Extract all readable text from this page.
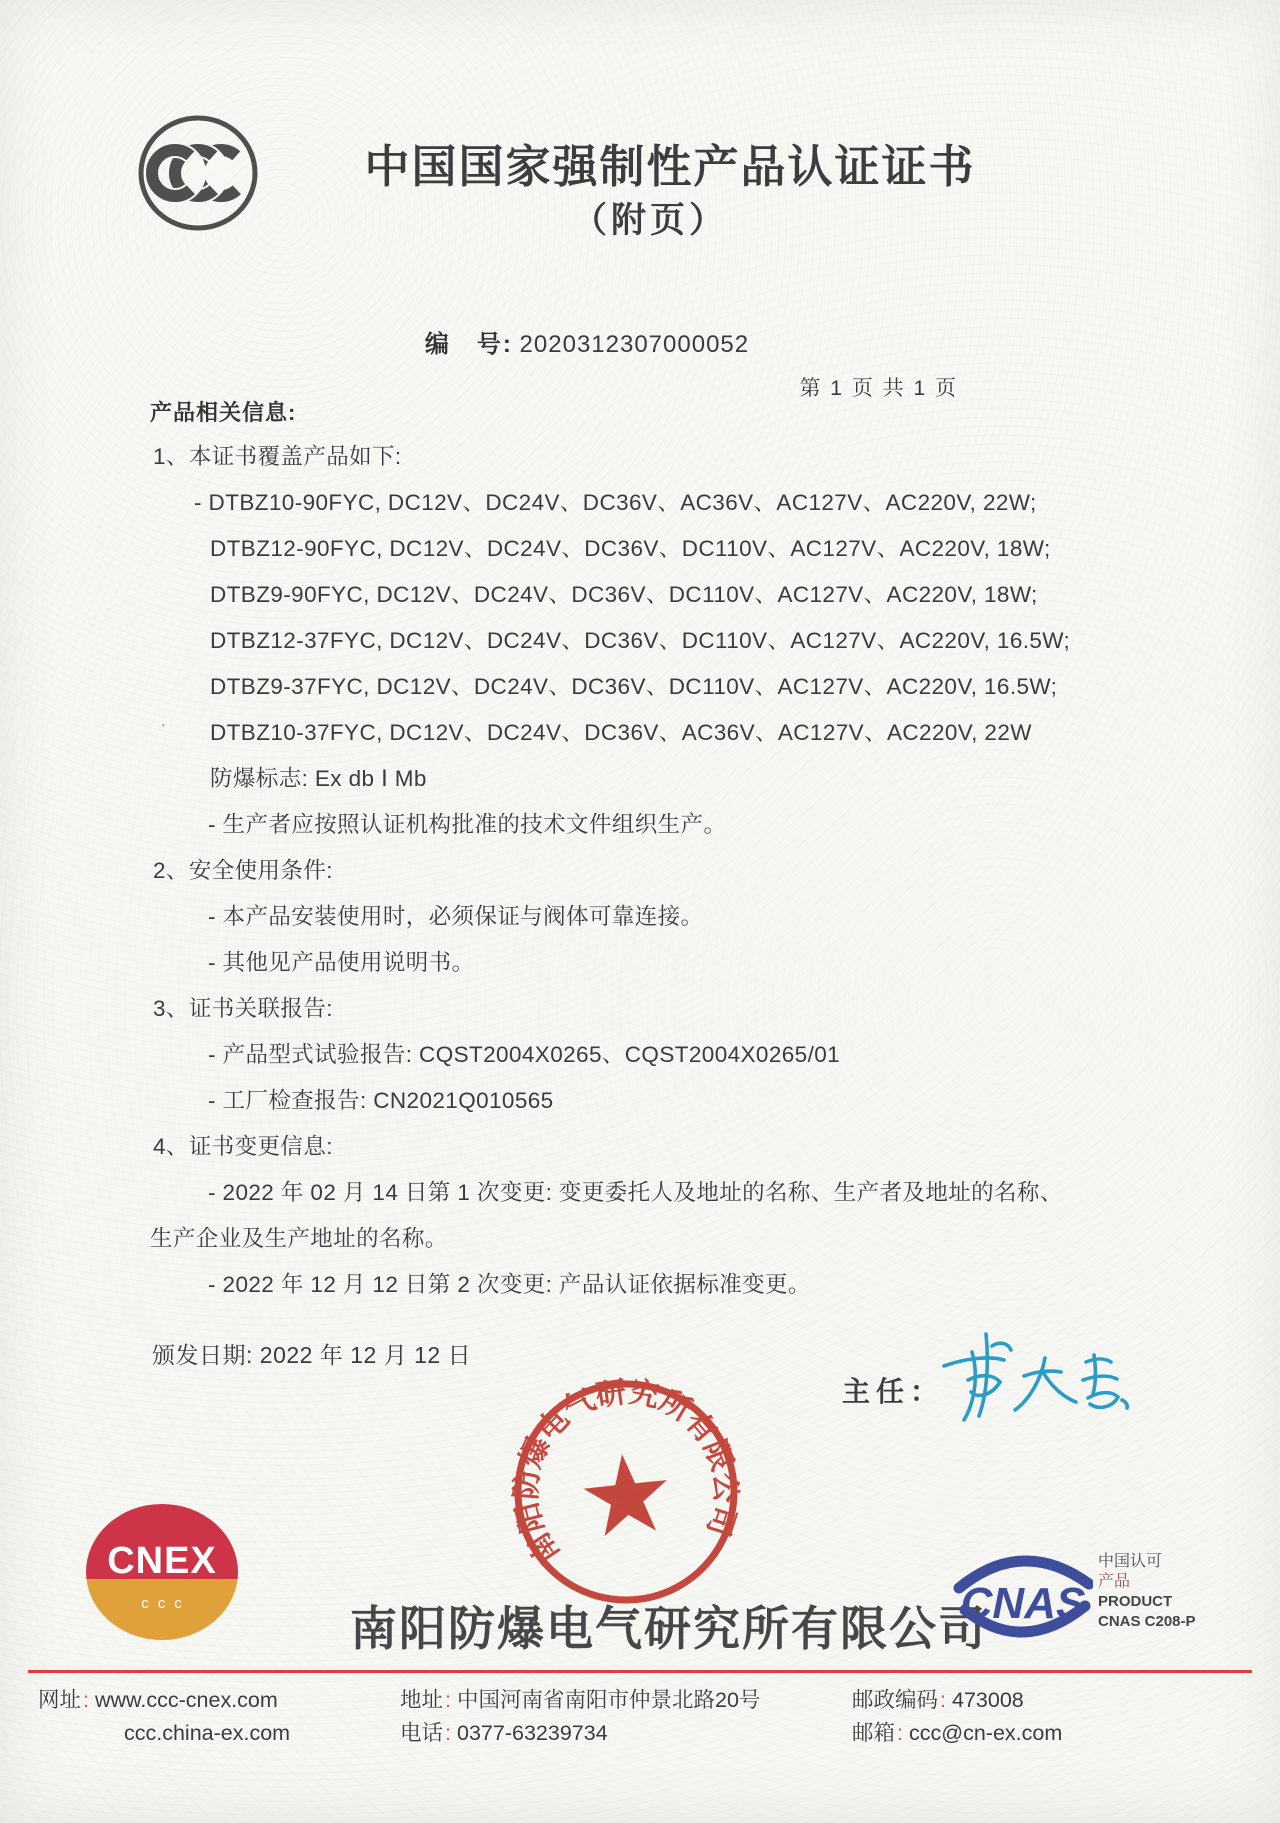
中国国家强制性产品认证证书
（附页）
编　号: 2020312307000052
第 1 页 共 1 页
产品相关信息:
1、本证书覆盖产品如下:
- DTBZ10-90FYC, DC12V、DC24V、DC36V、AC36V、AC127V、AC220V, 22W;
DTBZ12-90FYC, DC12V、DC24V、DC36V、DC110V、AC127V、AC220V, 18W;
DTBZ9-90FYC, DC12V、DC24V、DC36V、DC110V、AC127V、AC220V, 18W;
DTBZ12-37FYC, DC12V、DC24V、DC36V、DC110V、AC127V、AC220V, 16.5W;
DTBZ9-37FYC, DC12V、DC24V、DC36V、DC110V、AC127V、AC220V, 16.5W;
DTBZ10-37FYC, DC12V、DC24V、DC36V、AC36V、AC127V、AC220V, 22W
防爆标志: Ex db Ⅰ Mb
- 生产者应按照认证机构批准的技术文件组织生产。
2、安全使用条件:
- 本产品安装使用时，必须保证与阀体可靠连接。
- 其他见产品使用说明书。
3、证书关联报告:
- 产品型式试验报告: CQST2004X0265、CQST2004X0265/01
- 工厂检查报告: CN2021Q010565
4、证书变更信息:
- 2022 年 02 月 14 日第 1 次变更: 变更委托人及地址的名称、生产者及地址的名称、
生产企业及生产地址的名称。
- 2022 年 12 月 12 日第 2 次变更: 产品认证依据标准变更。
·
颁发日期: 2022 年 12 月 12 日
主任：
南阳防爆电气研究所有限公司
CNEX
ccc	南阳防爆电气研究所有限公司
CNAS
中国认可
产品
PRODUCT
CNAS C208-P
网址: www.ccc-cnex.com
ccc.china-ex.com
地址: 中国河南省南阳市仲景北路20号
电话: 0377-63239734
邮政编码: 473008
邮箱: ccc@cn-ex.com
